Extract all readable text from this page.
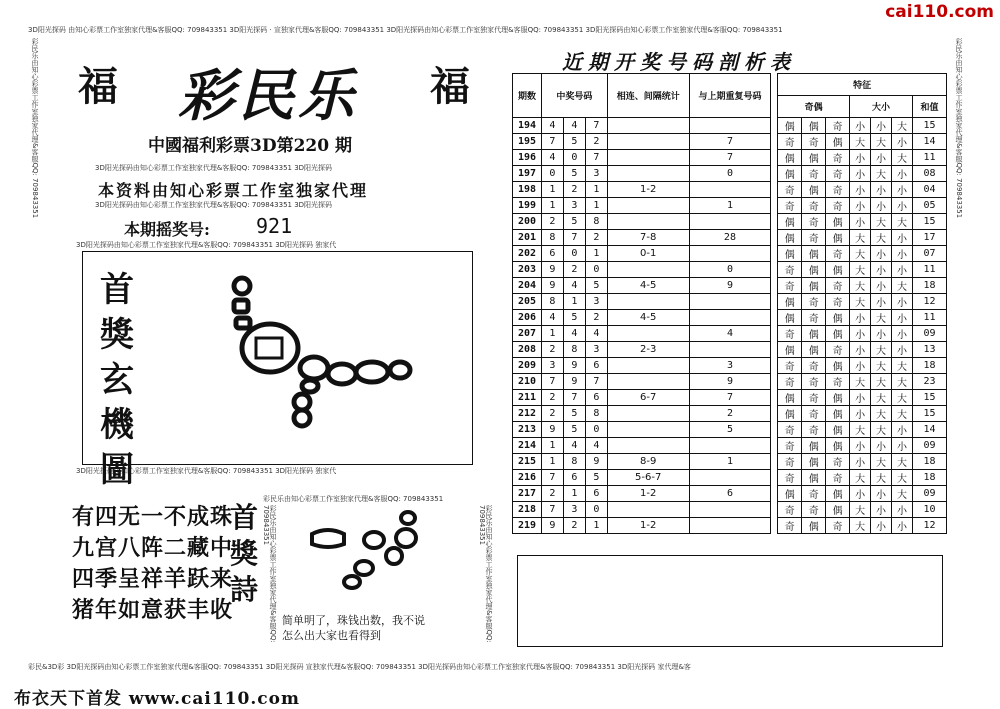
3D阳光探码 由知心彩票工作室独家代理&客服QQ: 709843351 3D阳光探码 · 宣独家代理&客服QQ: 709843351 3D阳光探码由知心彩票工作室独家代理&客服QQ: 709843351 3D阳光探码由知心彩票工作室独家代理&客服QQ: 709843351
cai110.com
彩民乐由知心彩票工作室独家代理&客服QQ: 709843351	彩民乐由知心彩票工作室独家代理&客服QQ: 709843351
福	福
彩民乐
中國福利彩票3D第220 期
3D阳光探码由知心彩票工作室独家代理&客服QQ: 709843351 3D阳光探码
本资料由知心彩票工作室独家代理
3D阳光探码由知心彩票工作室独家代理&客服QQ: 709843351 3D阳光探码
本期摇奖号: 921
3D阳光探码由知心彩票工作室独家代理&客服QQ: 709843351 3D阳光探码 独家代
3D阳光探码由知心彩票工作室独家代理&客服QQ: 709843351 3D阳光探码 独家代
首
獎
玄
機
圖
有四无一不成珠
九宫八阵二藏中
四季呈祥羊跃来
猪年如意获丰收
首
獎
詩
彩民乐由知心彩票工作室独家代理&客服QQ: 709843351
彩民乐由知心彩票工作室独家代理&客服QQ: 709843351	彩民乐由知心彩票工作室独家代理&客服QQ: 709843351
简单明了，珠钱出数，我不说
怎么出大家也看得到
彩民&3D彩 3D阳光探码由知心彩票工作室独家代理&客服QQ: 709843351 3D阳光探码 宣独家代理&客服QQ: 709843351 3D阳光探码由知心彩票工作室独家代理&客服QQ: 709843351 3D阳光探码 家代理&客
布衣天下首发 www.cai110.com
近期开奖号码剖析表
期数	中奖号码			相连、间隔统计	与上期重复号码		特征						
							奇偶			大小			和值
194	4	4	7				偶	偶	奇	小	小	大	15
195	7	5	2		7		奇	奇	偶	大	大	小	14
196	4	0	7		7		偶	偶	奇	小	小	大	11
197	0	5	3		0		偶	奇	奇	小	大	小	08
198	1	2	1	1-2			奇	偶	奇	小	小	小	04
199	1	3	1		1		奇	奇	奇	小	小	小	05
200	2	5	8				偶	奇	偶	小	大	大	15
201	8	7	2	7-8	28		偶	奇	偶	大	大	小	17
202	6	0	1	0-1			偶	偶	奇	大	小	小	07
203	9	2	0		0		奇	偶	偶	大	小	小	11
204	9	4	5	4-5	9		奇	偶	奇	大	小	大	18
205	8	1	3				偶	奇	奇	大	小	小	12
206	4	5	2	4-5			偶	奇	偶	小	大	小	11
207	1	4	4		4		奇	偶	偶	小	小	小	09
208	2	8	3	2-3			偶	偶	奇	小	大	小	13
209	3	9	6		3		奇	奇	偶	小	大	大	18
210	7	9	7		9		奇	奇	奇	大	大	大	23
211	2	7	6	6-7	7		偶	奇	偶	小	大	大	15
212	2	5	8		2		偶	奇	偶	小	大	大	15
213	9	5	0		5		奇	奇	偶	大	大	小	14
214	1	4	4				奇	偶	偶	小	小	小	09
215	1	8	9	8-9	1		奇	偶	奇	小	大	大	18
216	7	6	5	5-6-7			奇	偶	奇	大	大	大	18
217	2	1	6	1-2	6		偶	奇	偶	小	小	大	09
218	7	3	0				奇	奇	偶	大	小	小	10
219	9	2	1	1-2			奇	偶	奇	大	小	小	12
